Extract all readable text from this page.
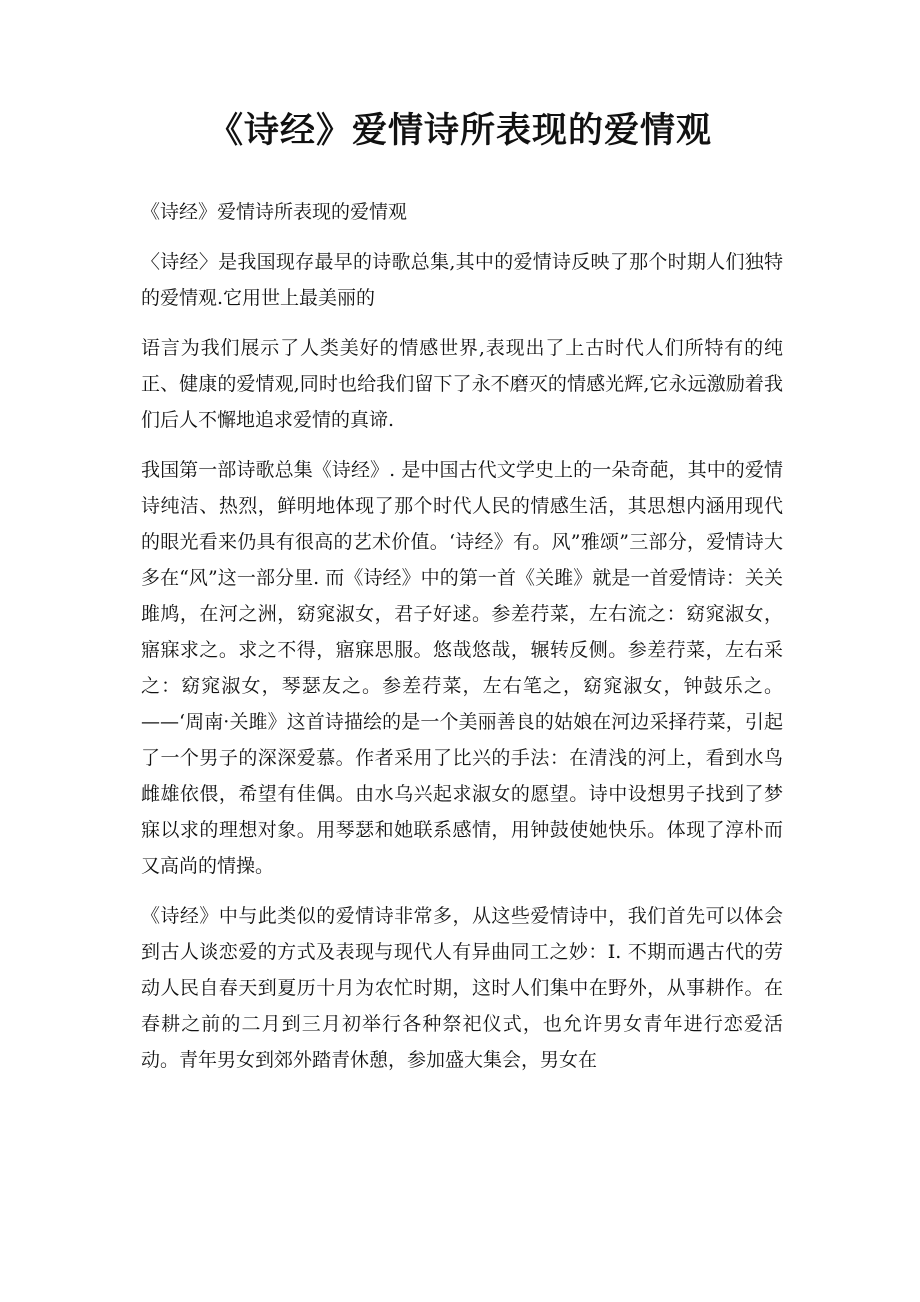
《诗经》爱情诗所表现的爱情观

《诗经》爱情诗所表现的爱情观

〈诗经〉是我国现存最早的诗歌总集,其中的爱情诗反映了那个时期人们独特的爱情观.它用世上最美丽的

语言为我们展示了人类美好的情感世界,表现出了上古时代人们所特有的纯正、健康的爱情观,同时也给我们留下了永不磨灭的情感光辉,它永远激励着我们后人不懈地追求爱情的真谛.

我国第一部诗歌总集《诗经》. 是中国古代文学史上的一朵奇葩，其中的爱情诗纯洁、热烈，鲜明地体现了那个时代人民的情感生活，其思想内涵用现代的眼光看来仍具有很高的艺术价值。‘诗经》有。风”雅颂”三部分，爱情诗大多在“风”这一部分里. 而《诗经》中的第一首《关雎》就是一首爱情诗：关关雎鸠，在河之洲，窈窕淑女，君子好逑。参差荇菜，左右流之：窈窕淑女，寤寐求之。求之不得，寤寐思服。悠哉悠哉，辗转反侧。参差荇菜，左右采之：窈窕淑女，琴瑟友之。参差荇菜，左右笔之，窈窕淑女，钟鼓乐之。——‘周南·关雎》这首诗描绘的是一个美丽善良的姑娘在河边采择荇菜，引起了一个男子的深深爱慕。作者采用了比兴的手法：在清浅的河上，看到水鸟雌雄依偎，希望有佳偶。由水乌兴起求淑女的愿望。诗中设想男子找到了梦寐以求的理想对象。用琴瑟和她联系感情，用钟鼓使她快乐。体现了淳朴而又高尚的情操。

《诗经》中与此类似的爱情诗非常多，从这些爱情诗中，我们首先可以体会到古人谈恋爱的方式及表现与现代人有异曲同工之妙：I. 不期而遇古代的劳动人民自春天到夏历十月为农忙时期，这时人们集中在野外，从事耕作。在春耕之前的二月到三月初举行各种祭祀仪式，也允许男女青年进行恋爱活动。青年男女到郊外踏青休憩，参加盛大集会，男女在
